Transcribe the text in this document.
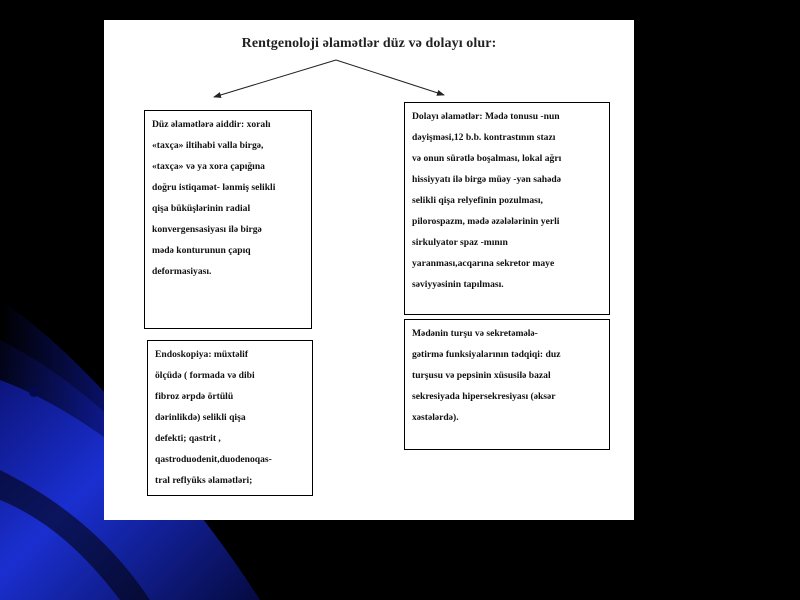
Rentgenoloji əlamətlər düz və dolayı olur:
Düz əlamətlərə aiddir: xoralı
«taxça» iltihabi valla birgə,
«taxça» və ya xora çapığına
doğru istiqamət- lənmiş selikli
qişa büküşlərinin radial
konvergensasiyası ilə birgə
mədə konturunun çapıq
deformasiyası.
Dolayı əlamətlər: Mədə tonusu -nun
dəyişməsi,12 b.b. kontrastının stazı
və onun sürətlə boşalması, lokal ağrı
hissiyyatı ilə birgə müəy -yən sahədə
selikli qişa relyefinin pozulması,
pilorospazm, mədə əzələlərinin yerli
sirkulyator spaz -mının
yaranması,acqarına sekretor maye
səviyyəsinin tapılması.
Endoskopiya: müxtəlif
ölçüdə ( formada və dibi
fibroz ərpdə örtülü
dərinlikdə) selikli qişa
defekti; qastrit ,
qastroduodenit,duodenoqas-
tral reflyüks əlamətləri;
Mədənin turşu və sekretəmələ-
gətirmə funksiyalarının tədqiqi: duz
turşusu və pepsinin xüsusilə bazal
sekresiyada hipersekresiyası (əksər
xəstələrdə).
